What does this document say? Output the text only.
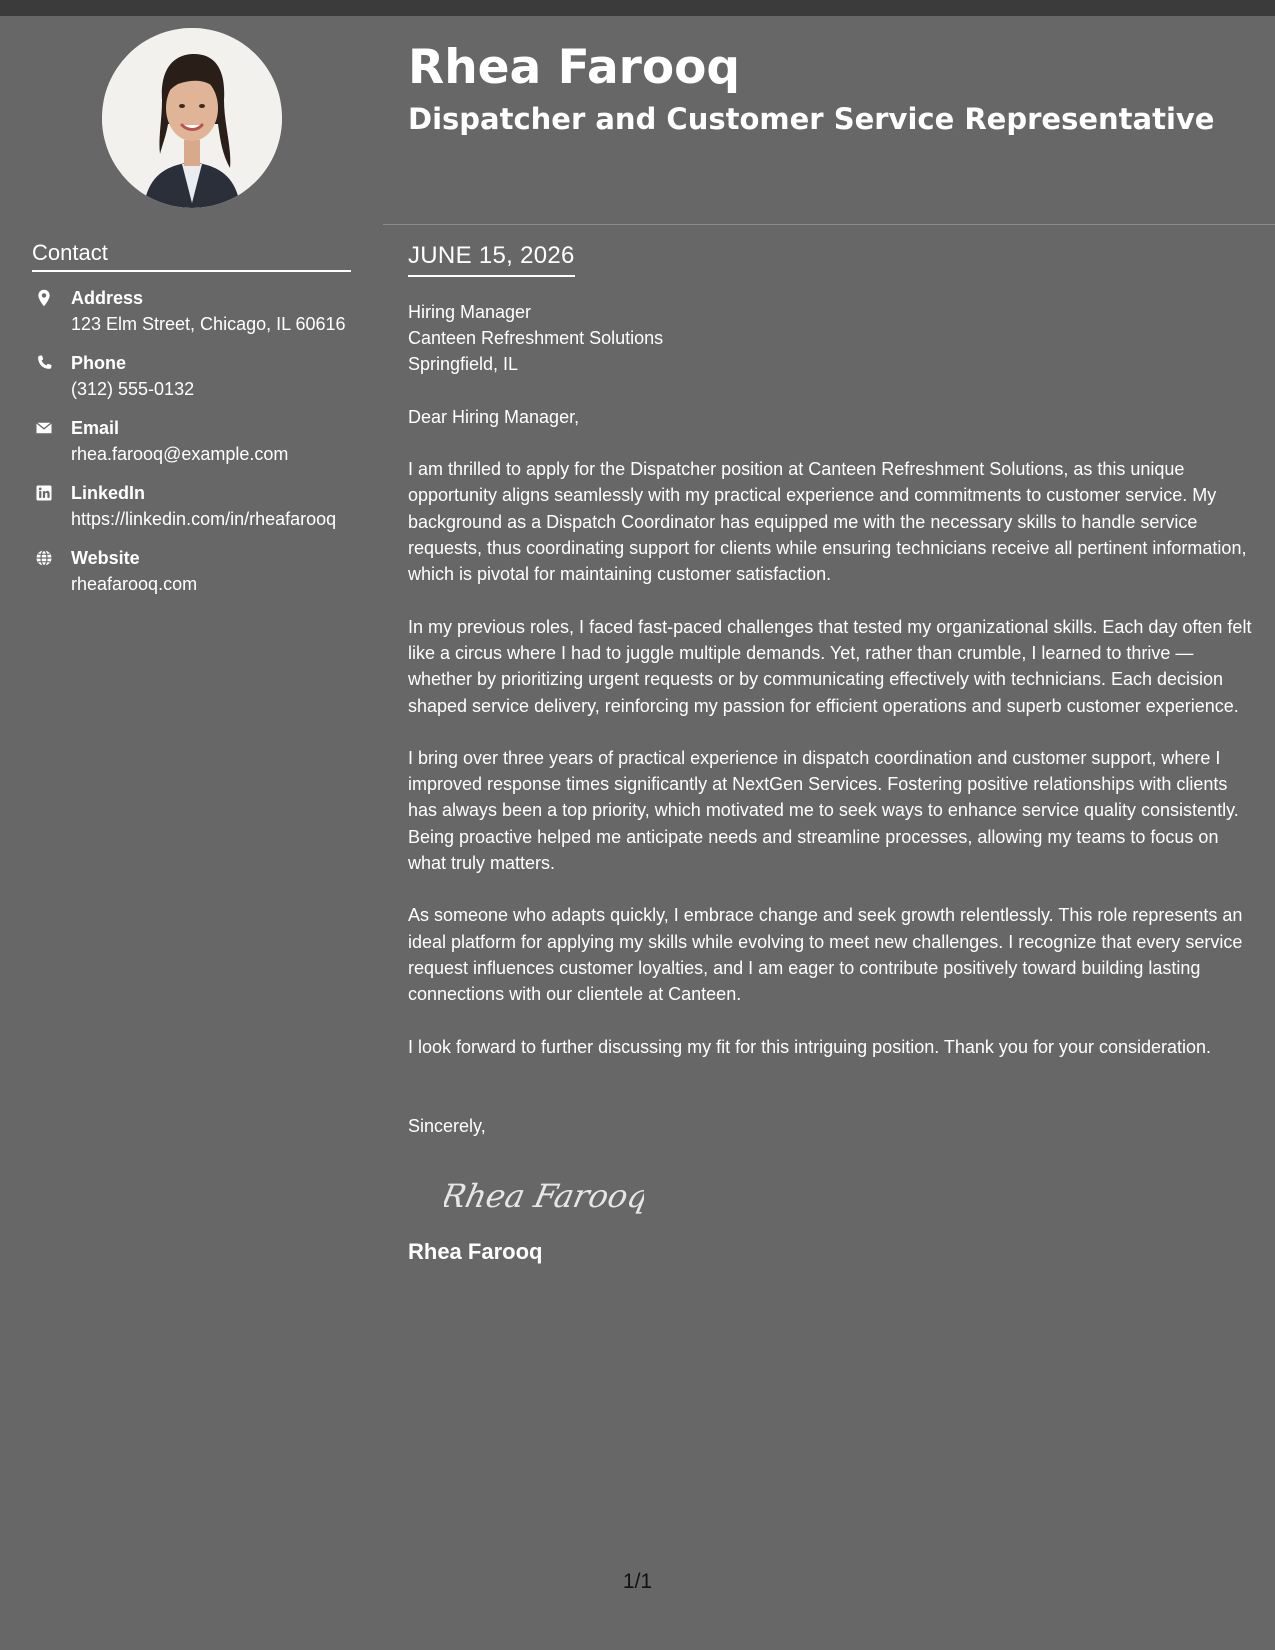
Rhea Farooq
Dispatcher and Customer Service Representative
Contact
Address
123 Elm Street, Chicago, IL 60616
Phone
(312) 555-0132
Email
rhea.farooq@example.com
LinkedIn
https://linkedin.com/in/rheafarooq
Website
rheafarooq.com
JUNE 15, 2026
Hiring Manager
Canteen Refreshment Solutions
Springfield, IL
Dear Hiring Manager,

I am thrilled to apply for the Dispatcher position at Canteen Refreshment Solutions, as this unique opportunity aligns seamlessly with my practical experience and commitments to customer service. My background as a Dispatch Coordinator has equipped me with the necessary skills to handle service requests, thus coordinating support for clients while ensuring technicians receive all pertinent information, which is pivotal for maintaining customer satisfaction.

In my previous roles, I faced fast-paced challenges that tested my organizational skills. Each day often felt like a circus where I had to juggle multiple demands. Yet, rather than crumble, I learned to thrive — whether by prioritizing urgent requests or by communicating effectively with technicians. Each decision shaped service delivery, reinforcing my passion for efficient operations and superb customer experience.

I bring over three years of practical experience in dispatch coordination and customer support, where I improved response times significantly at NextGen Services. Fostering positive relationships with clients has always been a top priority, which motivated me to seek ways to enhance service quality consistently. Being proactive helped me anticipate needs and streamline processes, allowing my teams to focus on what truly matters.

As someone who adapts quickly, I embrace change and seek growth relentlessly. This role represents an ideal platform for applying my skills while evolving to meet new challenges. I recognize that every service request influences customer loyalties, and I am eager to contribute positively toward building lasting connections with our clientele at Canteen.

I look forward to further discussing my fit for this intriguing position. Thank you for your consideration.

Sincerely,
Rhea Farooq
Rhea Farooq
1/1
